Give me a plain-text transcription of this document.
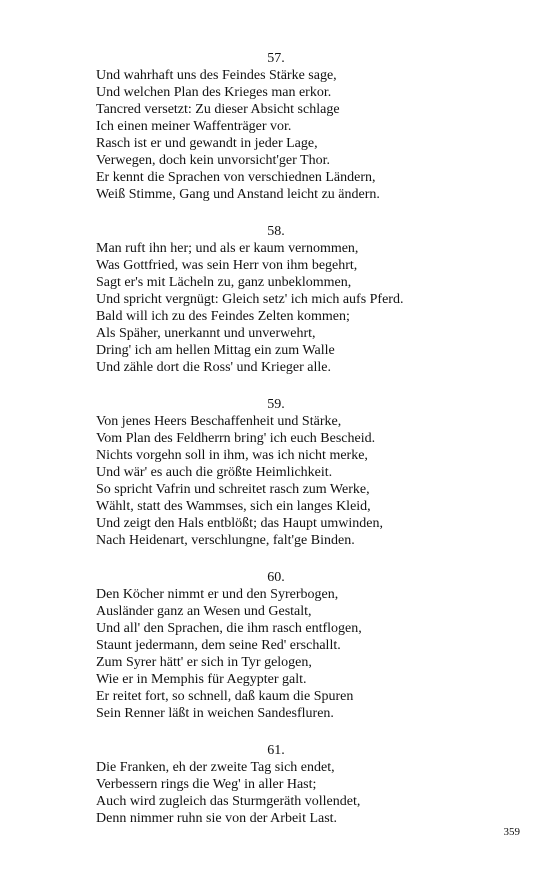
57.
Und wahrhaft uns des Feindes Stärke sage,
Und welchen Plan des Krieges man erkor.
Tancred versetzt: Zu dieser Absicht schlage
Ich einen meiner Waffenträger vor.
Rasch ist er und gewandt in jeder Lage,
Verwegen, doch kein unvorsicht'ger Thor.
Er kennt die Sprachen von verschiednen Ländern,
Weiß Stimme, Gang und Anstand leicht zu ändern.
58.
Man ruft ihn her; und als er kaum vernommen,
Was Gottfried, was sein Herr von ihm begehrt,
Sagt er's mit Lächeln zu, ganz unbeklommen,
Und spricht vergnügt: Gleich setz' ich mich aufs Pferd.
Bald will ich zu des Feindes Zelten kommen;
Als Späher, unerkannt und unverwehrt,
Dring' ich am hellen Mittag ein zum Walle
Und zähle dort die Ross' und Krieger alle.
59.
Von jenes Heers Beschaffenheit und Stärke,
Vom Plan des Feldherrn bring' ich euch Bescheid.
Nichts vorgehn soll in ihm, was ich nicht merke,
Und wär' es auch die größte Heimlichkeit.
So spricht Vafrin und schreitet rasch zum Werke,
Wählt, statt des Wammses, sich ein langes Kleid,
Und zeigt den Hals entblößt; das Haupt umwinden,
Nach Heidenart, verschlungne, falt'ge Binden.
60.
Den Köcher nimmt er und den Syrerbogen,
Ausländer ganz an Wesen und Gestalt,
Und all' den Sprachen, die ihm rasch entflogen,
Staunt jedermann, dem seine Red' erschallt.
Zum Syrer hätt' er sich in Tyr gelogen,
Wie er in Memphis für Aegypter galt.
Er reitet fort, so schnell, daß kaum die Spuren
Sein Renner läßt in weichen Sandesfluren.
61.
Die Franken, eh der zweite Tag sich endet,
Verbessern rings die Weg' in aller Hast;
Auch wird zugleich das Sturmgeräth vollendet,
Denn nimmer ruhn sie von der Arbeit Last.
359
